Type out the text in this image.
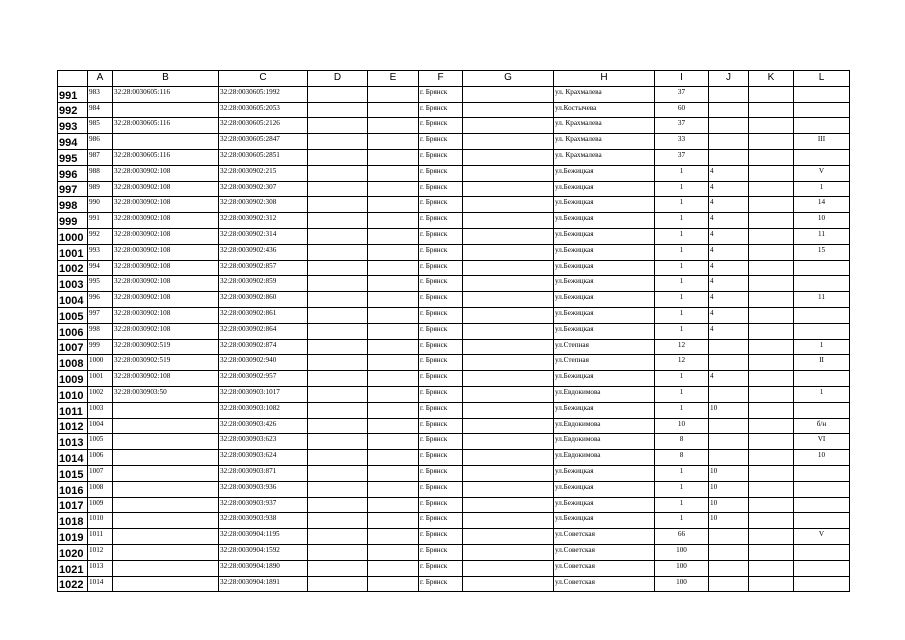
	A	B	C	D	E	F	G	H	I	J	K	L
991	983	32:28:0030605:116	32:28:0030605:1992			г. Брянск		ул. Крахмалева	37			
992	984		32:28:0030605:2053			г. Брянск		ул.Костычева	60			
993	985	32:28:0030605:116	32:28:0030605:2126			г. Брянск		ул. Крахмалева	37			
994	986		32:28:0030605:2847			г. Брянск		ул. Крахмалева	33			III
995	987	32:28:0030605:116	32:28:0030605:2851			г. Брянск		ул. Крахмалева	37			
996	988	32:28:0030902:108	32:28:0030902:215			г. Брянск		ул.Бежицкая	1	4		V
997	989	32:28:0030902:108	32:28:0030902:307			г. Брянск		ул.Бежицкая	1	4		1
998	990	32:28:0030902:108	32:28:0030902:308			г. Брянск		ул.Бежицкая	1	4		14
999	991	32:28:0030902:108	32:28:0030902:312			г. Брянск		ул.Бежицкая	1	4		10
1000	992	32:28:0030902:108	32:28:0030902:314			г. Брянск		ул.Бежицкая	1	4		11
1001	993	32:28:0030902:108	32:28:0030902:436			г. Брянск		ул.Бежицкая	1	4		15
1002	994	32:28:0030902:108	32:28:0030902:857			г. Брянск		ул.Бежицкая	1	4		
1003	995	32:28:0030902:108	32:28:0030902:859			г. Брянск		ул.Бежицкая	1	4		
1004	996	32:28:0030902:108	32:28:0030902:860			г. Брянск		ул.Бежицкая	1	4		11
1005	997	32:28:0030902:108	32:28:0030902:861			г. Брянск		ул.Бежицкая	1	4		
1006	998	32:28:0030902:108	32:28:0030902:864			г. Брянск		ул.Бежицкая	1	4		
1007	999	32:28:0030902:519	32:28:0030902:874			г. Брянск		ул.Степная	12			1
1008	1000	32:28:0030902:519	32:28:0030902:940			г. Брянск		ул.Степная	12			II
1009	1001	32:28:0030902:108	32:28:0030902:957			г. Брянск		ул.Бежицкая	1	4		
1010	1002	32:28:0030903:50	32:28:0030903:1017			г. Брянск		ул.Евдокимова	1			1
1011	1003		32:28:0030903:1082			г. Брянск		ул.Бежицкая	1	10		
1012	1004		32:28:0030903:426			г. Брянск		ул.Евдокимова	10			б/н
1013	1005		32:28:0030903:623			г. Брянск		ул.Евдокимова	8			VI
1014	1006		32:28:0030903:624			г. Брянск		ул.Евдокимова	8			10
1015	1007		32:28:0030903:871			г. Брянск		ул.Бежицкая	1	10		
1016	1008		32:28:0030903:936			г. Брянск		ул.Бежицкая	1	10		
1017	1009		32:28:0030903:937			г. Брянск		ул.Бежицкая	1	10		
1018	1010		32:28:0030903:938			г. Брянск		ул.Бежицкая	1	10		
1019	1011		32:28:0030904:1195			г. Брянск		ул.Советская	66			V
1020	1012		32:28:0030904:1592			г. Брянск		ул.Советская	100			
1021	1013		32:28:0030904:1890			г. Брянск		ул.Советская	100			
1022	1014		32:28:0030904:1891			г. Брянск		ул.Советская	100			
